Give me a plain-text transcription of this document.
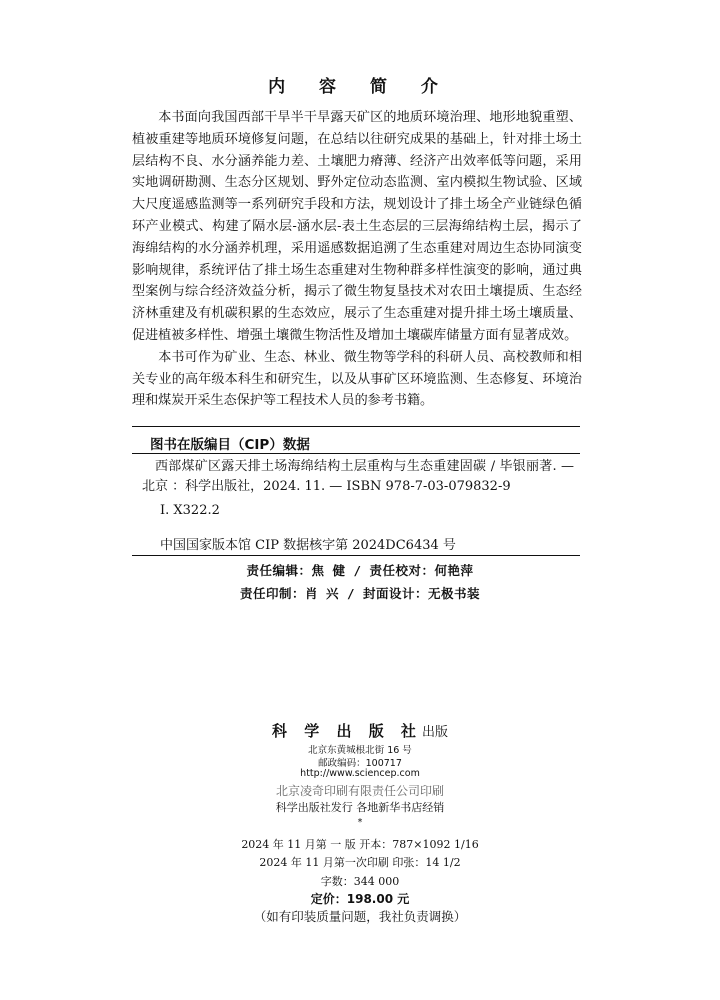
内 容 简 介

本书面向我国西部干旱半干旱露天矿区的地质环境治理、地形地貌重塑、植被重建等地质环境修复问题，在总结以往研究成果的基础上，针对排土场土层结构不良、水分涵养能力差、土壤肥力瘠薄、经济产出效率低等问题，采用实地调研勘测、生态分区规划、野外定位动态监测、室内模拟生物试验、区域大尺度遥感监测等一系列研究手段和方法，规划设计了排土场全产业链绿色循环产业模式、构建了隔水层-涵水层-表土生态层的三层海绵结构土层，揭示了海绵结构的水分涵养机理，采用遥感数据追溯了生态重建对周边生态协同演变影响规律，系统评估了排土场生态重建对生物种群多样性演变的影响，通过典型案例与综合经济效益分析，揭示了微生物复垦技术对农田土壤提质、生态经济林重建及有机碳积累的生态效应，展示了生态重建对提升排土场土壤质量、促进植被多样性、增强土壤微生物活性及增加土壤碳库储量方面有显著成效。

本书可作为矿业、生态、林业、微生物等学科的科研人员、高校教师和相关专业的高年级本科生和研究生，以及从事矿区环境监测、生态修复、环境治理和煤炭开采生态保护等工程技术人员的参考书籍。

图书在版编目（CIP）数据
西部煤矿区露天排土场海绵结构土层重构与生态重建固碳 / 毕银丽著. — 北京 ：科学出版社，2024. 11. — ISBN 978-7-03-079832-9
Ⅰ. X322.2
中国国家版本馆 CIP 数据核字第 2024DC6434 号
责任编辑：焦 健 / 责任校对：何艳萍
责任印制：肖 兴 / 封面设计：无极书装
科 学 出 版 社出版
北京东黄城根北街 16 号
邮政编码：100717
http://www.sciencep.com
北京凌奇印刷有限责任公司印刷
科学出版社发行 各地新华书店经销
*
2024 年 11 月第 一 版 开本：787×1092 1/16
2024 年 11 月第一次印刷 印张：14 1/2
字数：344 000
定价：198.00 元
（如有印装质量问题，我社负责调换）
